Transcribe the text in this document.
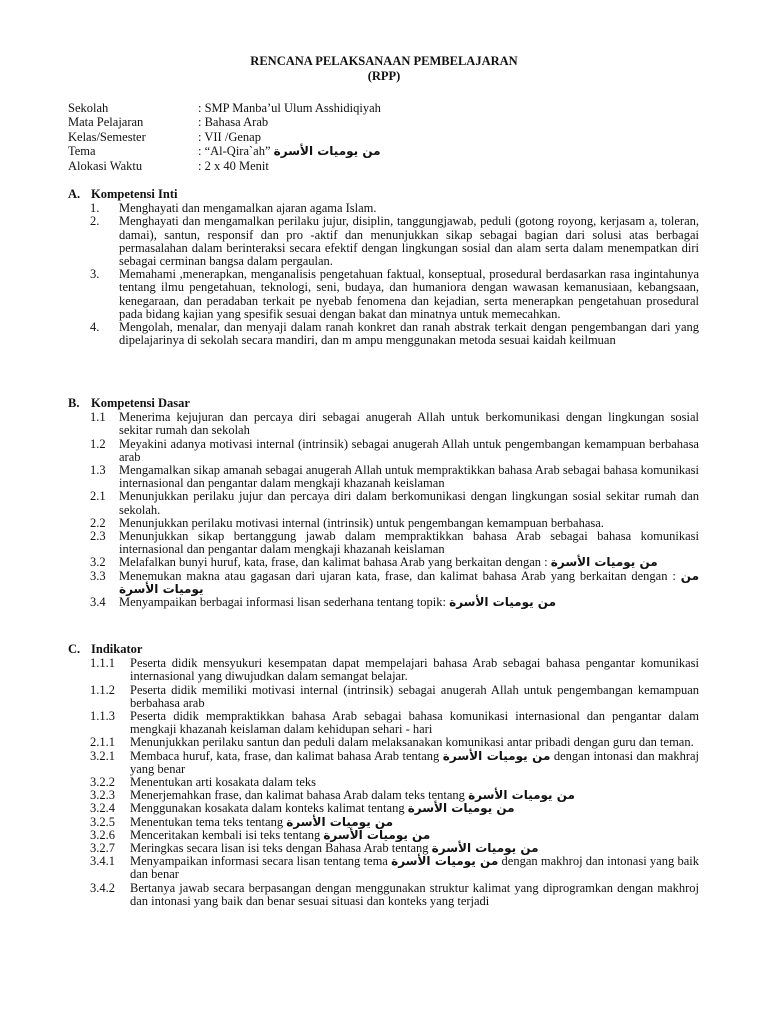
RENCANA PELAKSANAAN PEMBELAJARAN
(RPP)
Sekolah	: SMP Manba’ul Ulum Asshidiqiyah
Mata Pelajaran	: Bahasa Arab
Kelas/Semester	: VII /Genap
Tema	: “Al-Qira`ah” من يوميات الأسرة
Alokasi Waktu	: 2 x 40 Menit
A. Kompetensi Inti
1.	Menghayati dan mengamalkan ajaran agama Islam.
2.	Menghayati dan mengamalkan perilaku jujur, disiplin, tanggungjawab, peduli (gotong royong, kerjasam a, toleran, damai), santun, responsif dan pro -aktif dan menunjukkan sikap sebagai bagian dari solusi atas berbagai permasalahan dalam berinteraksi secara efektif dengan lingkungan sosial dan alam serta dalam menempatkan diri sebagai cerminan bangsa dalam pergaulan.
3.	Memahami ,menerapkan, menganalisis pengetahuan faktual, konseptual, prosedural berdasarkan rasa ingintahunya tentang ilmu pengetahuan, teknologi, seni, budaya, dan humaniora dengan wawasan kemanusiaan, kebangsaan, kenegaraan, dan peradaban terkait pe nyebab fenomena dan kejadian, serta menerapkan pengetahuan prosedural pada bidang kajian yang spesifik sesuai dengan bakat dan minatnya untuk memecahkan.
4.	Mengolah, menalar, dan menyaji dalam ranah konkret dan ranah abstrak terkait dengan pengembangan dari yang dipelajarinya di sekolah secara mandiri, dan m ampu menggunakan metoda sesuai kaidah keilmuan
B. Kompetensi Dasar
1.1	Menerima kejujuran dan percaya diri sebagai anugerah Allah untuk berkomunikasi dengan lingkungan sosial sekitar rumah dan sekolah
1.2	Meyakini adanya motivasi internal (intrinsik) sebagai anugerah Allah untuk pengembangan kemampuan berbahasa arab
1.3	Mengamalkan sikap amanah sebagai anugerah Allah untuk mempraktikkan bahasa Arab sebagai bahasa komunikasi internasional dan pengantar dalam mengkaji khazanah keislaman
2.1	Menunjukkan perilaku jujur dan percaya diri dalam berkomunikasi dengan lingkungan sosial sekitar rumah dan sekolah.
2.2	Menunjukkan perilaku motivasi internal (intrinsik) untuk pengembangan kemampuan berbahasa.
2.3	Menunjukkan sikap bertanggung jawab dalam mempraktikkan bahasa Arab sebagai bahasa komunikasi internasional dan pengantar dalam mengkaji khazanah keislaman
3.2	Melafalkan bunyi huruf, kata, frase, dan kalimat bahasa Arab yang berkaitan dengan : من يوميات الأسرة
3.3	Menemukan makna atau gagasan dari ujaran kata, frase, dan kalimat bahasa Arab yang berkaitan dengan : من يوميات الأسرة
3.4	Menyampaikan berbagai informasi lisan sederhana tentang topik: من يوميات الأسرة
C. Indikator
1.1.1	Peserta didik mensyukuri kesempatan dapat mempelajari bahasa Arab sebagai bahasa pengantar komunikasi internasional yang diwujudkan dalam semangat belajar.
1.1.2	Peserta didik memiliki motivasi internal (intrinsik) sebagai anugerah Allah untuk pengembangan kemampuan berbahasa arab
1.1.3	Peserta didik mempraktikkan bahasa Arab sebagai bahasa komunikasi internasional dan pengantar dalam mengkaji khazanah keislaman dalam kehidupan sehari - hari
2.1.1	Menunjukkan perilaku santun dan peduli dalam melaksanakan komunikasi antar pribadi dengan guru dan teman.
3.2.1	Membaca huruf, kata, frase, dan kalimat bahasa Arab tentang من يوميات الأسرة dengan intonasi dan makhraj yang benar
3.2.2	Menentukan arti kosakata dalam teks
3.2.3	Menerjemahkan frase, dan kalimat bahasa Arab dalam teks tentang من يوميات الأسرة
3.2.4	Menggunakan kosakata dalam konteks kalimat tentang من يوميات الأسرة
3.2.5	Menentukan tema teks tentang من يوميات الأسرة
3.2.6	Menceritakan kembali isi teks tentang من يوميات الأسرة
3.2.7	Meringkas secara lisan isi teks dengan Bahasa Arab tentang من يوميات الأسرة
3.4.1	Menyampaikan informasi secara lisan tentang tema من يوميات الأسرة dengan makhroj dan intonasi yang baik dan benar
3.4.2	Bertanya jawab secara berpasangan dengan menggunakan struktur kalimat yang diprogramkan dengan makhroj dan intonasi yang baik dan benar sesuai situasi dan konteks yang terjadi
